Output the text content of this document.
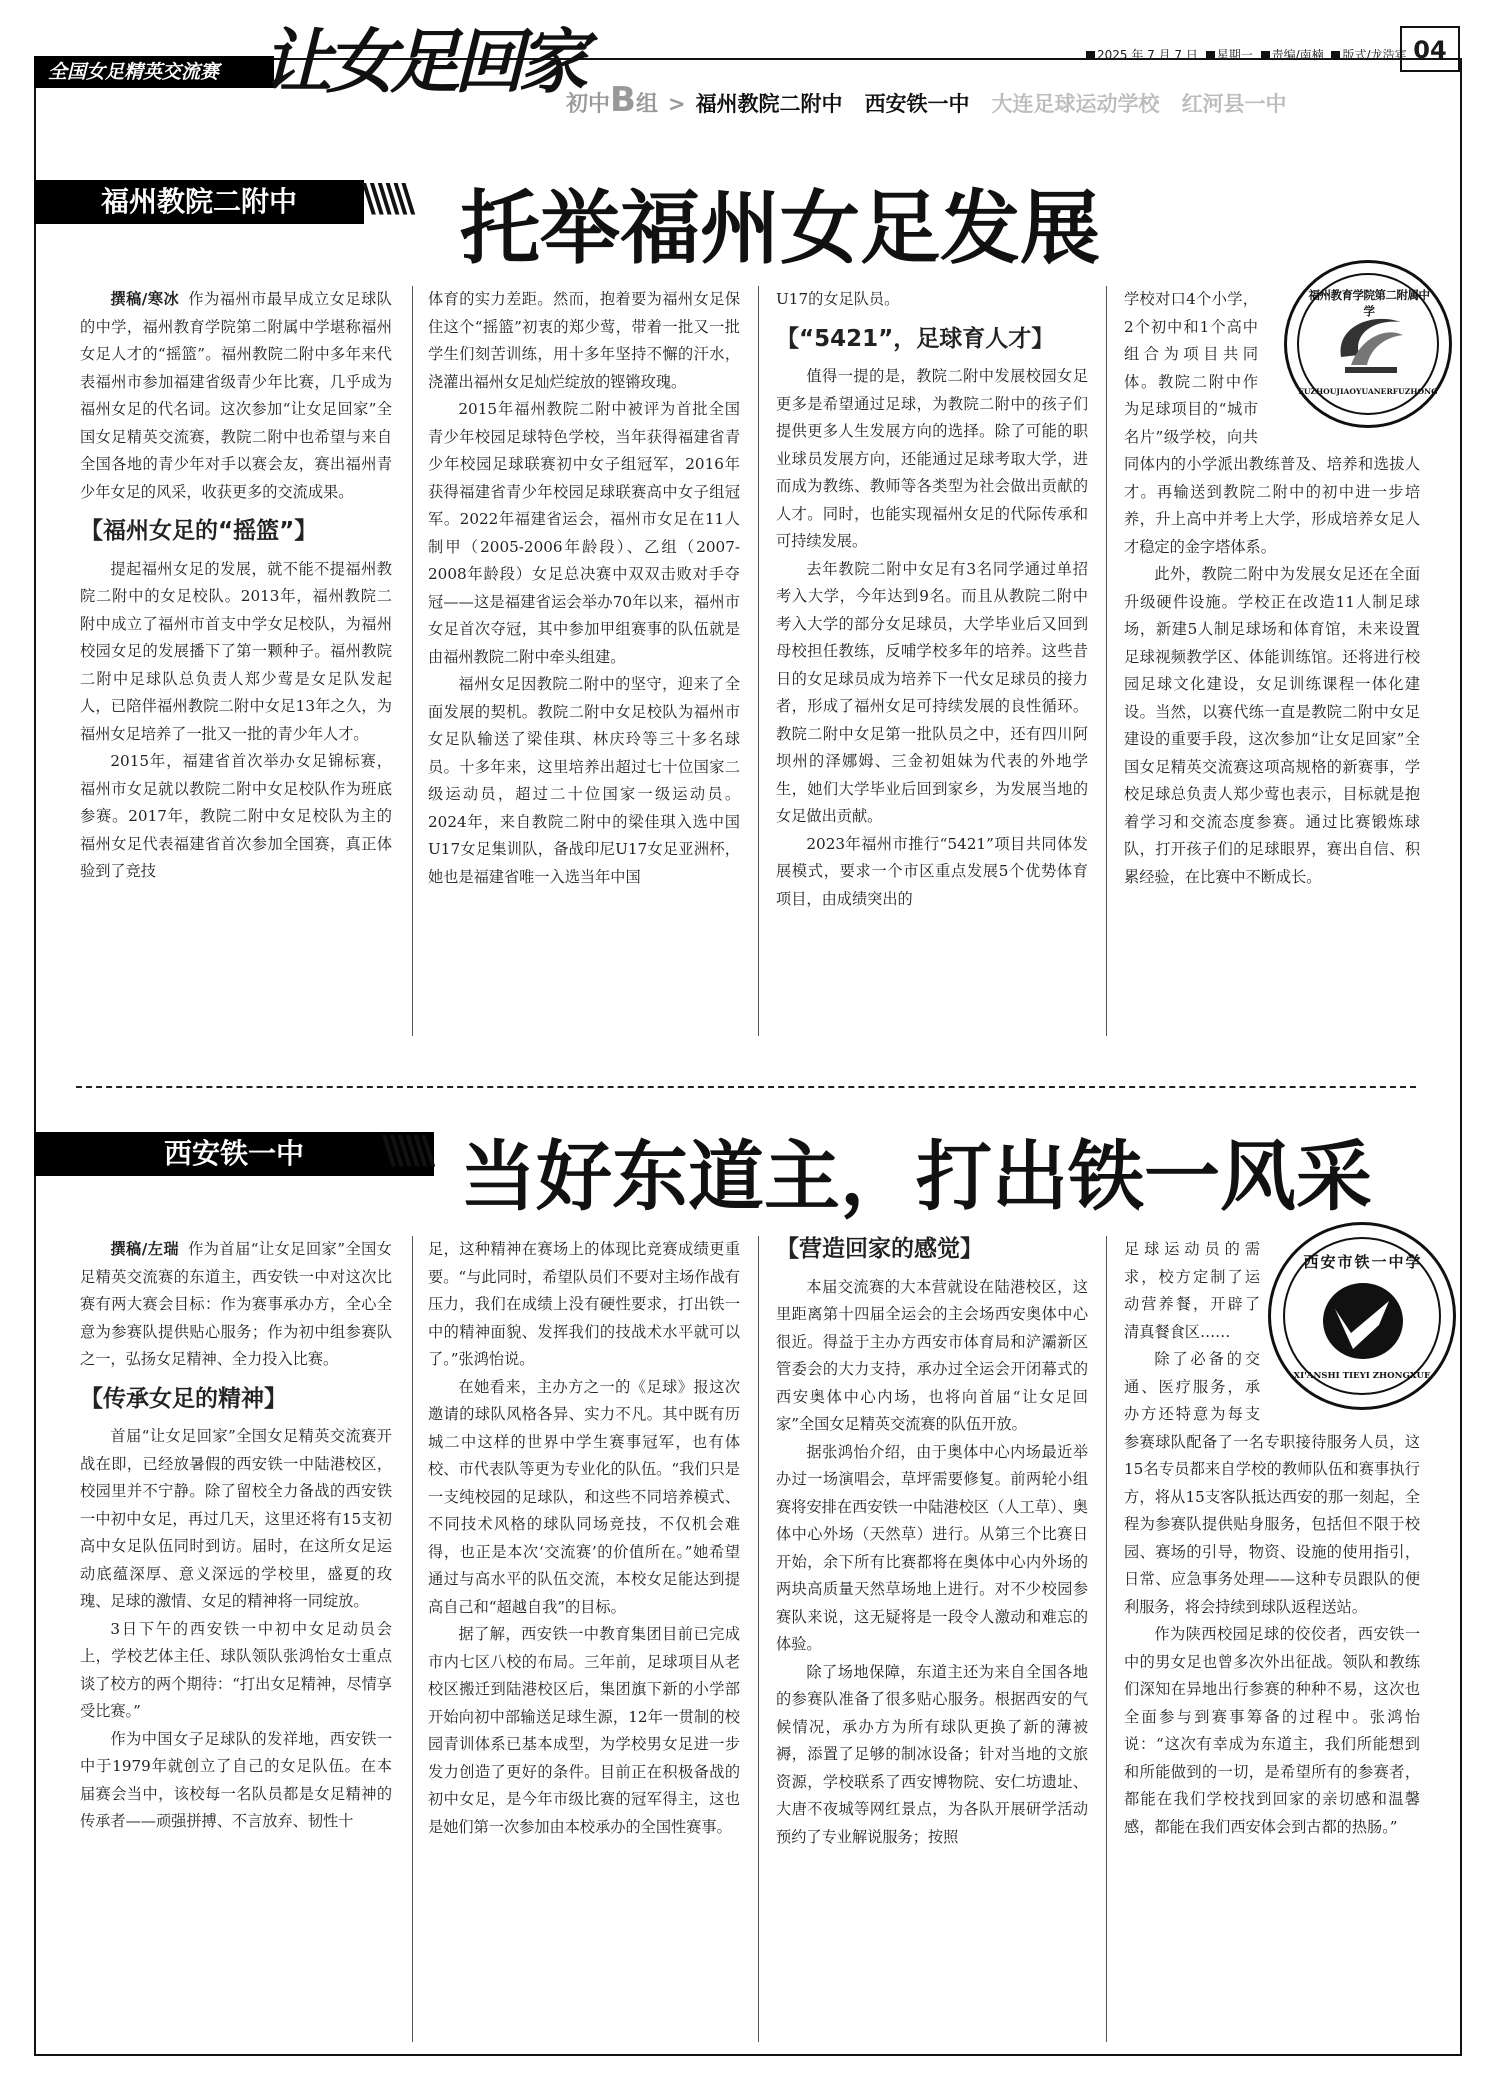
全国女足精英交流赛 让女足回家	2025 年 7 月 7 日 星期一 责编/南楠 版式/龙浩宾 04
初中B组 > 福州教院二附中 西安铁一中 大连足球运动学校 红河县一中
福州教院二附中	\\\\\\ 托举福州女足发展

撰稿/寒冰 作为福州市最早成立女足球队的中学，福州教育学院第二附属中学堪称福州女足人才的“摇篮”。福州教院二附中多年来代表福州市参加福建省级青少年比赛，几乎成为福州女足的代名词。这次参加“让女足回家”全国女足精英交流赛，教院二附中也希望与来自全国各地的青少年对手以赛会友，赛出福州青少年女足的风采，收获更多的交流成果。

【福州女足的“摇篮”】

提起福州女足的发展，就不能不提福州教院二附中的女足校队。2013年，福州教院二附中成立了福州市首支中学女足校队，为福州校园女足的发展播下了第一颗种子。福州教院二附中足球队总负责人郑少莺是女足队发起人，已陪伴福州教院二附中女足13年之久，为福州女足培养了一批又一批的青少年人才。

2015年，福建省首次举办女足锦标赛，福州市女足就以教院二附中女足校队作为班底参赛。2017年，教院二附中女足校队为主的福州女足代表福建省首次参加全国赛，真正体验到了竞技

体育的实力差距。然而，抱着要为福州女足保住这个“摇篮”初衷的郑少莺，带着一批又一批学生们刻苦训练，用十多年坚持不懈的汗水，浇灌出福州女足灿烂绽放的铿锵玫瑰。

2015年福州教院二附中被评为首批全国青少年校园足球特色学校，当年获得福建省青少年校园足球联赛初中女子组冠军，2016年获得福建省青少年校园足球联赛高中女子组冠军。2022年福建省运会，福州市女足在11人制甲（2005-2006年龄段）、乙组（2007-2008年龄段）女足总决赛中双双击败对手夺冠——这是福建省运会举办70年以来，福州市女足首次夺冠，其中参加甲组赛事的队伍就是由福州教院二附中牵头组建。

福州女足因教院二附中的坚守，迎来了全面发展的契机。教院二附中女足校队为福州市女足队输送了梁佳琪、林庆玲等三十多名球员。十多年来，这里培养出超过七十位国家二级运动员，超过二十位国家一级运动员。2024年，来自教院二附中的梁佳琪入选中国U17女足集训队，备战印尼U17女足亚洲杯，她也是福建省唯一入选当年中国

U17的女足队员。

【“5421”，足球育人才】

值得一提的是，教院二附中发展校园女足更多是希望通过足球，为教院二附中的孩子们提供更多人生发展方向的选择。除了可能的职业球员发展方向，还能通过足球考取大学，进而成为教练、教师等各类型为社会做出贡献的人才。同时，也能实现福州女足的代际传承和可持续发展。

去年教院二附中女足有3名同学通过单招考入大学，今年达到9名。而且从教院二附中考入大学的部分女足球员，大学毕业后又回到母校担任教练，反哺学校多年的培养。这些昔日的女足球员成为培养下一代女足球员的接力者，形成了福州女足可持续发展的良性循环。教院二附中女足第一批队员之中，还有四川阿坝州的泽娜姆、三金初姐妹为代表的外地学生，她们大学毕业后回到家乡，为发展当地的女足做出贡献。

2023年福州市推行“5421”项目共同体发展模式，要求一个市区重点发展5个优势体育项目，由成绩突出的

福州教育学院第二附属中学
FUZHOUJIAOYUANERFUZHONG

学校对口4个小学，2个初中和1个高中组合为项目共同体。教院二附中作为足球项目的“城市名片”级学校，向共同体内的小学派出教练普及、培养和选拔人才。再输送到教院二附中的初中进一步培养，升上高中并考上大学，形成培养女足人才稳定的金字塔体系。

此外，教院二附中为发展女足还在全面升级硬件设施。学校正在改造11人制足球场，新建5人制足球场和体育馆，未来设置足球视频教学区、体能训练馆。还将进行校园足球文化建设，女足训练课程一体化建设。当然，以赛代练一直是教院二附中女足建设的重要手段，这次参加“让女足回家”全国女足精英交流赛这项高规格的新赛事，学校足球总负责人郑少莺也表示，目标就是抱着学习和交流态度参赛。通过比赛锻炼球队，打开孩子们的足球眼界，赛出自信、积累经验，在比赛中不断成长。

西安铁一中	\\\\\\ 当好东道主，打出铁一风采

撰稿/左瑞 作为首届“让女足回家”全国女足精英交流赛的东道主，西安铁一中对这次比赛有两大赛会目标：作为赛事承办方，全心全意为参赛队提供贴心服务；作为初中组参赛队之一，弘扬女足精神、全力投入比赛。

【传承女足的精神】

首届“让女足回家”全国女足精英交流赛开战在即，已经放暑假的西安铁一中陆港校区，校园里并不宁静。除了留校全力备战的西安铁一中初中女足，再过几天，这里还将有15支初高中女足队伍同时到访。届时，在这所女足运动底蕴深厚、意义深远的学校里，盛夏的玫瑰、足球的激情、女足的精神将一同绽放。

3日下午的西安铁一中初中女足动员会上，学校艺体主任、球队领队张鸿怡女士重点谈了校方的两个期待：“打出女足精神，尽情享受比赛。”

作为中国女子足球队的发祥地，西安铁一中于1979年就创立了自己的女足队伍。在本届赛会当中，该校每一名队员都是女足精神的传承者——顽强拼搏、不言放弃、韧性十

足，这种精神在赛场上的体现比竞赛成绩更重要。“与此同时，希望队员们不要对主场作战有压力，我们在成绩上没有硬性要求，打出铁一中的精神面貌、发挥我们的技战术水平就可以了。”张鸿怡说。

在她看来，主办方之一的《足球》报这次邀请的球队风格各异、实力不凡。其中既有历城二中这样的世界中学生赛事冠军，也有体校、市代表队等更为专业化的队伍。“我们只是一支纯校园的足球队，和这些不同培养模式、不同技术风格的球队同场竞技，不仅机会难得，也正是本次‘交流赛’的价值所在。”她希望通过与高水平的队伍交流，本校女足能达到提高自己和“超越自我”的目标。

据了解，西安铁一中教育集团目前已完成市内七区八校的布局。三年前，足球项目从老校区搬迁到陆港校区后，集团旗下新的小学部开始向初中部输送足球生源，12年一贯制的校园青训体系已基本成型，为学校男女足进一步发力创造了更好的条件。目前正在积极备战的初中女足，是今年市级比赛的冠军得主，这也是她们第一次参加由本校承办的全国性赛事。

【营造回家的感觉】

本届交流赛的大本营就设在陆港校区，这里距离第十四届全运会的主会场西安奥体中心很近。得益于主办方西安市体育局和浐灞新区管委会的大力支持，承办过全运会开闭幕式的西安奥体中心内场，也将向首届“让女足回家”全国女足精英交流赛的队伍开放。

据张鸿怡介绍，由于奥体中心内场最近举办过一场演唱会，草坪需要修复。前两轮小组赛将安排在西安铁一中陆港校区（人工草）、奥体中心外场（天然草）进行。从第三个比赛日开始，余下所有比赛都将在奥体中心内外场的两块高质量天然草场地上进行。对不少校园参赛队来说，这无疑将是一段令人激动和难忘的体验。

除了场地保障，东道主还为来自全国各地的参赛队准备了很多贴心服务。根据西安的气候情况，承办方为所有球队更换了新的薄被褥，添置了足够的制冰设备；针对当地的文旅资源，学校联系了西安博物院、安仁坊遗址、大唐不夜城等网红景点，为各队开展研学活动预约了专业解说服务；按照

西安市铁一中学
XI'ANSHI TIEYI ZHONGXUE

足球运动员的需求，校方定制了运动营养餐，开辟了清真餐食区……

除了必备的交通、医疗服务，承办方还特意为每支参赛球队配备了一名专职接待服务人员，这15名专员都来自学校的教师队伍和赛事执行方，将从15支客队抵达西安的那一刻起，全程为参赛队提供贴身服务，包括但不限于校园、赛场的引导，物资、设施的使用指引，日常、应急事务处理——这种专员跟队的便利服务，将会持续到球队返程送站。

作为陕西校园足球的佼佼者，西安铁一中的男女足也曾多次外出征战。领队和教练们深知在异地出行参赛的种种不易，这次也全面参与到赛事筹备的过程中。张鸿怡说：“这次有幸成为东道主，我们所能想到和所能做到的一切，是希望所有的参赛者，都能在我们学校找到回家的亲切感和温馨感，都能在我们西安体会到古都的热肠。”
